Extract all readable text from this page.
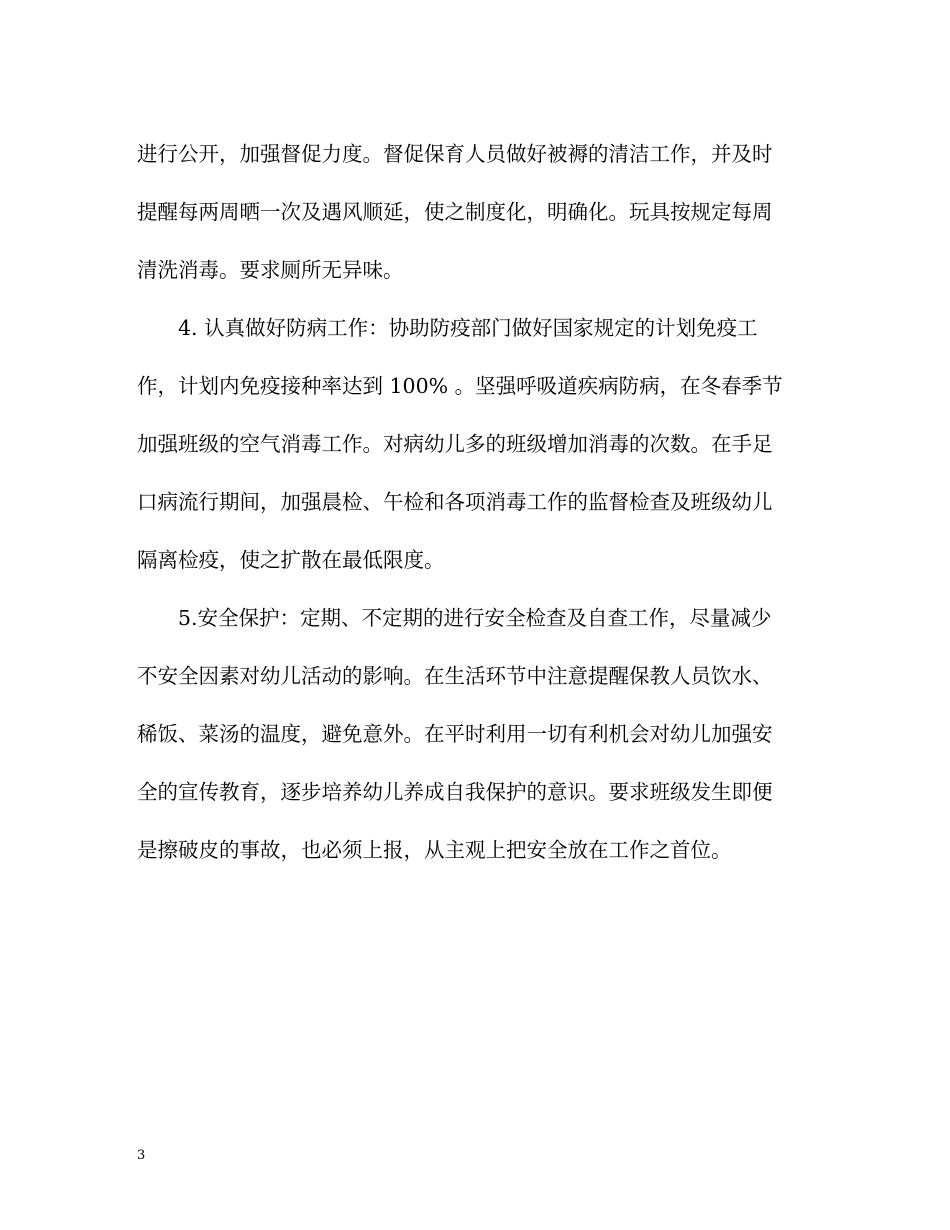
进行公开，加强督促力度。督促保育人员做好被褥的清洁工作，并及时
提醒每两周晒一次及遇风顺延，使之制度化，明确化。玩具按规定每周
清洗消毒。要求厕所无异味。
4. 认真做好防病工作：协助防疫部门做好国家规定的计划免疫工
作，计划内免疫接种率达到 100% 。坚强呼吸道疾病防病，在冬春季节
加强班级的空气消毒工作。对病幼儿多的班级增加消毒的次数。在手足
口病流行期间，加强晨检、午检和各项消毒工作的监督检查及班级幼儿
隔离检疫，使之扩散在最低限度。
5.安全保护：定期、不定期的进行安全检查及自查工作，尽量减少
不安全因素对幼儿活动的影响。在生活环节中注意提醒保教人员饮水、
稀饭、菜汤的温度，避免意外。在平时利用一切有利机会对幼儿加强安
全的宣传教育，逐步培养幼儿养成自我保护的意识。要求班级发生即便
是擦破皮的事故，也必须上报，从主观上把安全放在工作之首位。
3
